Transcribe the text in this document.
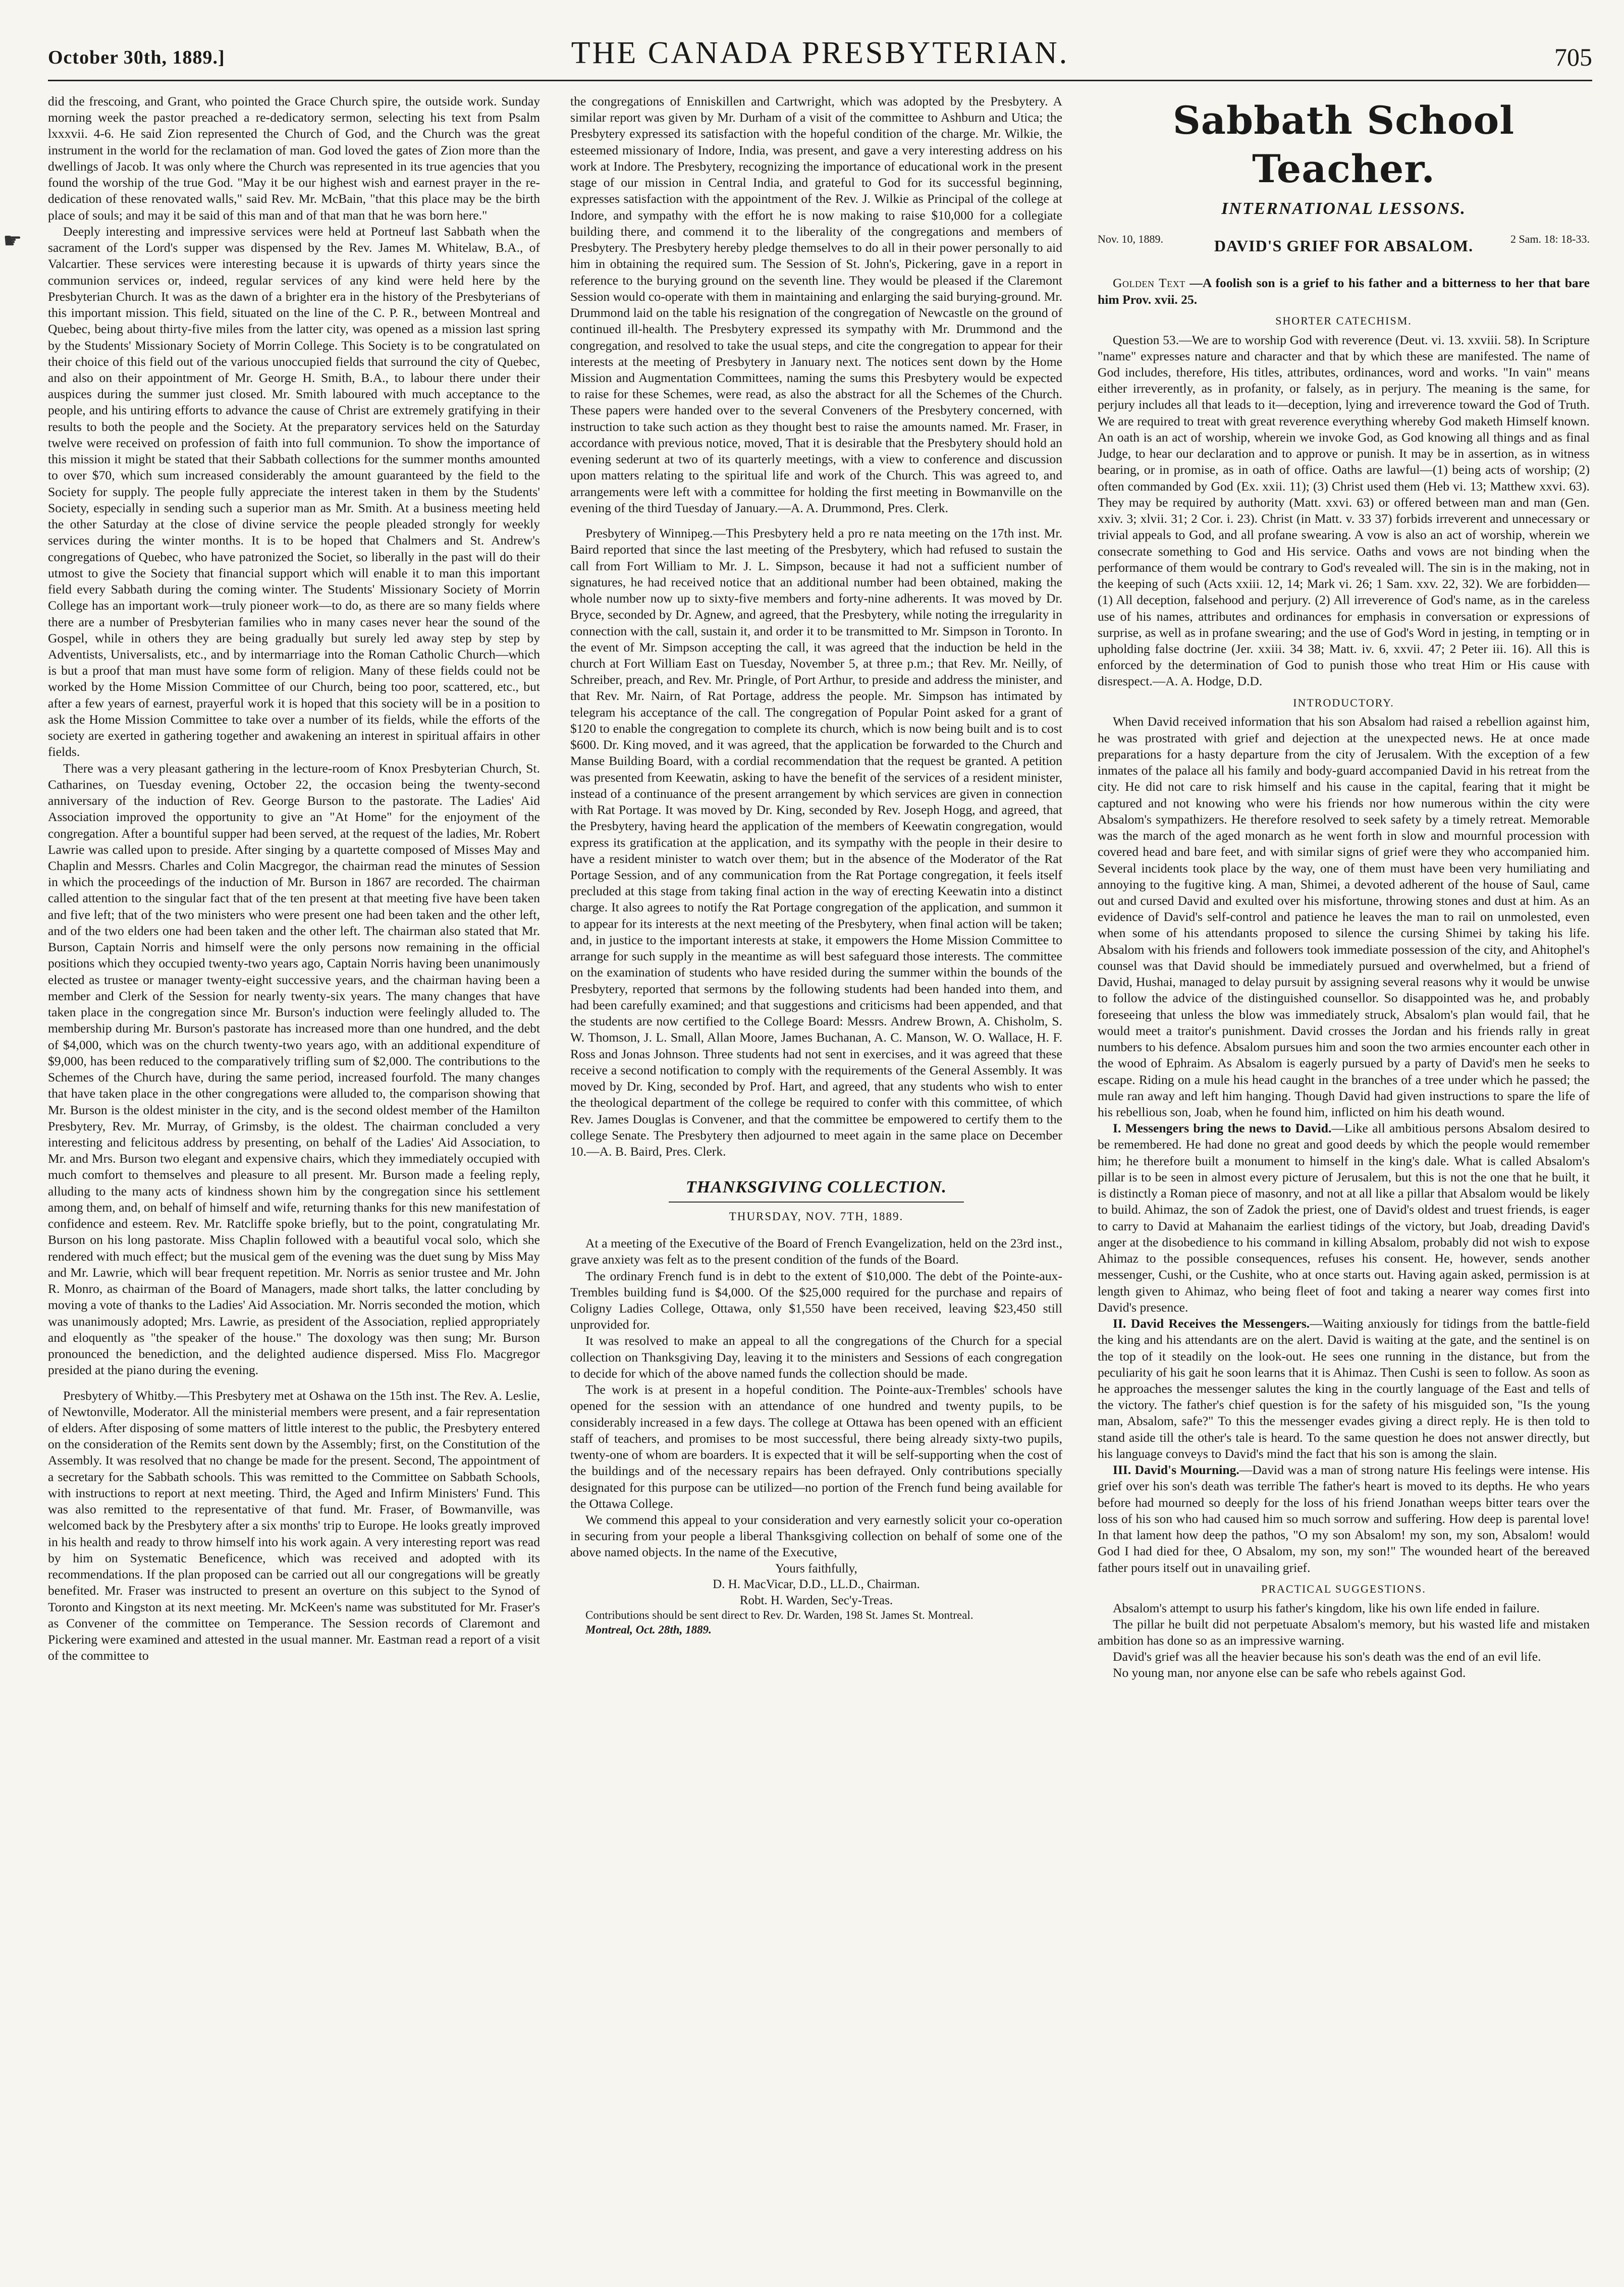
October 30th, 1889.]	THE CANADA PRESBYTERIAN.	705
☛

did the frescoing, and Grant, who pointed the Grace Church spire, the outside work. Sunday morning week the pastor preached a re-dedicatory sermon, selecting his text from Psalm lxxxvii. 4-6. He said Zion represented the Church of God, and the Church was the great instrument in the world for the reclamation of man. God loved the gates of Zion more than the dwellings of Jacob. It was only where the Church was represented in its true agencies that you found the worship of the true God. "May it be our highest wish and earnest prayer in the re-dedication of these renovated walls," said Rev. Mr. McBain, "that this place may be the birth place of souls; and may it be said of this man and of that man that he was born here."

Deeply interesting and impressive services were held at Portneuf last Sabbath when the sacrament of the Lord's supper was dispensed by the Rev. James M. Whitelaw, B.A., of Valcartier. These services were interesting because it is upwards of thirty years since the communion services or, indeed, regular services of any kind were held here by the Presbyterian Church. It was as the dawn of a brighter era in the history of the Presbyterians of this important mission. This field, situated on the line of the C. P. R., between Montreal and Quebec, being about thirty-five miles from the latter city, was opened as a mission last spring by the Students' Missionary Society of Morrin College. This Society is to be congratulated on their choice of this field out of the various unoccupied fields that surround the city of Quebec, and also on their appointment of Mr. George H. Smith, B.A., to labour there under their auspices during the summer just closed. Mr. Smith laboured with much acceptance to the people, and his untiring efforts to advance the cause of Christ are extremely gratifying in their results to both the people and the Society. At the preparatory services held on the Saturday twelve were received on profession of faith into full communion. To show the importance of this mission it might be stated that their Sabbath collections for the summer months amounted to over $70, which sum increased considerably the amount guaranteed by the field to the Society for supply. The people fully appreciate the interest taken in them by the Students' Society, especially in sending such a superior man as Mr. Smith. At a business meeting held the other Saturday at the close of divine service the people pleaded strongly for weekly services during the winter months. It is to be hoped that Chalmers and St. Andrew's congregations of Quebec, who have patronized the Societ, so liberally in the past will do their utmost to give the Society that financial support which will enable it to man this important field every Sabbath during the coming winter. The Students' Missionary Society of Morrin College has an important work—truly pioneer work—to do, as there are so many fields where there are a number of Presbyterian families who in many cases never hear the sound of the Gospel, while in others they are being gradually but surely led away step by step by Adventists, Universalists, etc., and by intermarriage into the Roman Catholic Church—which is but a proof that man must have some form of religion. Many of these fields could not be worked by the Home Mission Committee of our Church, being too poor, scattered, etc., but after a few years of earnest, prayerful work it is hoped that this society will be in a position to ask the Home Mission Committee to take over a number of its fields, while the efforts of the society are exerted in gathering together and awakening an interest in spiritual affairs in other fields.

There was a very pleasant gathering in the lecture-room of Knox Presbyterian Church, St. Catharines, on Tuesday evening, October 22, the occasion being the twenty-second anniversary of the induction of Rev. George Burson to the pastorate. The Ladies' Aid Association improved the opportunity to give an "At Home" for the enjoyment of the congregation. After a bountiful supper had been served, at the request of the ladies, Mr. Robert Lawrie was called upon to preside. After singing by a quartette composed of Misses May and Chaplin and Messrs. Charles and Colin Macgregor, the chairman read the minutes of Session in which the proceedings of the induction of Mr. Burson in 1867 are recorded. The chairman called attention to the singular fact that of the ten present at that meeting five have been taken and five left; that of the two ministers who were present one had been taken and the other left, and of the two elders one had been taken and the other left. The chairman also stated that Mr. Burson, Captain Norris and himself were the only persons now remaining in the official positions which they occupied twenty-two years ago, Captain Norris having been unanimously elected as trustee or manager twenty-eight successive years, and the chairman having been a member and Clerk of the Session for nearly twenty-six years. The many changes that have taken place in the congregation since Mr. Burson's induction were feelingly alluded to. The membership during Mr. Burson's pastorate has increased more than one hundred, and the debt of $4,000, which was on the church twenty-two years ago, with an additional expenditure of $9,000, has been reduced to the comparatively trifling sum of $2,000. The contributions to the Schemes of the Church have, during the same period, increased fourfold. The many changes that have taken place in the other congregations were alluded to, the comparison showing that Mr. Burson is the oldest minister in the city, and is the second oldest member of the Hamilton Presbytery, Rev. Mr. Murray, of Grimsby, is the oldest. The chairman concluded a very interesting and felicitous address by presenting, on behalf of the Ladies' Aid Association, to Mr. and Mrs. Burson two elegant and expensive chairs, which they immediately occupied with much comfort to themselves and pleasure to all present. Mr. Burson made a feeling reply, alluding to the many acts of kindness shown him by the congregation since his settlement among them, and, on behalf of himself and wife, returning thanks for this new manifestation of confidence and esteem. Rev. Mr. Ratcliffe spoke briefly, but to the point, congratulating Mr. Burson on his long pastorate. Miss Chaplin followed with a beautiful vocal solo, which she rendered with much effect; but the musical gem of the evening was the duet sung by Miss May and Mr. Lawrie, which will bear frequent repetition. Mr. Norris as senior trustee and Mr. John R. Monro, as chairman of the Board of Managers, made short talks, the latter concluding by moving a vote of thanks to the Ladies' Aid Association. Mr. Norris seconded the motion, which was unanimously adopted; Mrs. Lawrie, as president of the Association, replied appropriately and eloquently as "the speaker of the house." The doxology was then sung; Mr. Burson pronounced the benediction, and the delighted audience dispersed. Miss Flo. Macgregor presided at the piano during the evening.

Presbytery of Whitby.—This Presbytery met at Oshawa on the 15th inst. The Rev. A. Leslie, of Newtonville, Moderator. All the ministerial members were present, and a fair representation of elders. After disposing of some matters of little interest to the public, the Presbytery entered on the consideration of the Remits sent down by the Assembly; first, on the Constitution of the Assembly. It was resolved that no change be made for the present. Second, The appointment of a secretary for the Sabbath schools. This was remitted to the Committee on Sabbath Schools, with instructions to report at next meeting. Third, the Aged and Infirm Ministers' Fund. This was also remitted to the representative of that fund. Mr. Fraser, of Bowmanville, was welcomed back by the Presbytery after a six months' trip to Europe. He looks greatly improved in his health and ready to throw himself into his work again. A very interesting report was read by him on Systematic Beneficence, which was received and adopted with its recommendations. If the plan proposed can be carried out all our congregations will be greatly benefited. Mr. Fraser was instructed to present an overture on this subject to the Synod of Toronto and Kingston at its next meeting. Mr. McKeen's name was substituted for Mr. Fraser's as Convener of the committee on Temperance. The Session records of Claremont and Pickering were examined and attested in the usual manner. Mr. Eastman read a report of a visit of the committee to

the congregations of Enniskillen and Cartwright, which was adopted by the Presbytery. A similar report was given by Mr. Durham of a visit of the committee to Ashburn and Utica; the Presbytery expressed its satisfaction with the hopeful condition of the charge. Mr. Wilkie, the esteemed missionary of Indore, India, was present, and gave a very interesting address on his work at Indore. The Presbytery, recognizing the importance of educational work in the present stage of our mission in Central India, and grateful to God for its successful beginning, expresses satisfaction with the appointment of the Rev. J. Wilkie as Principal of the college at Indore, and sympathy with the effort he is now making to raise $10,000 for a collegiate building there, and commend it to the liberality of the congregations and members of Presbytery. The Presbytery hereby pledge themselves to do all in their power personally to aid him in obtaining the required sum. The Session of St. John's, Pickering, gave in a report in reference to the burying ground on the seventh line. They would be pleased if the Claremont Session would co-operate with them in maintaining and enlarging the said burying-ground. Mr. Drummond laid on the table his resignation of the congregation of Newcastle on the ground of continued ill-health. The Presbytery expressed its sympathy with Mr. Drummond and the congregation, and resolved to take the usual steps, and cite the congregation to appear for their interests at the meeting of Presbytery in January next. The notices sent down by the Home Mission and Augmentation Committees, naming the sums this Presbytery would be expected to raise for these Schemes, were read, as also the abstract for all the Schemes of the Church. These papers were handed over to the several Conveners of the Presbytery concerned, with instruction to take such action as they thought best to raise the amounts named. Mr. Fraser, in accordance with previous notice, moved, That it is desirable that the Presbytery should hold an evening sederunt at two of its quarterly meetings, with a view to conference and discussion upon matters relating to the spiritual life and work of the Church. This was agreed to, and arrangements were left with a committee for holding the first meeting in Bowmanville on the evening of the third Tuesday of January.—A. A. Drummond, Pres. Clerk.

Presbytery of Winnipeg.—This Presbytery held a pro re nata meeting on the 17th inst. Mr. Baird reported that since the last meeting of the Presbytery, which had refused to sustain the call from Fort William to Mr. J. L. Simpson, because it had not a sufficient number of signatures, he had received notice that an additional number had been obtained, making the whole number now up to sixty-five members and forty-nine adherents. It was moved by Dr. Bryce, seconded by Dr. Agnew, and agreed, that the Presbytery, while noting the irregularity in connection with the call, sustain it, and order it to be transmitted to Mr. Simpson in Toronto. In the event of Mr. Simpson accepting the call, it was agreed that the induction be held in the church at Fort William East on Tuesday, November 5, at three p.m.; that Rev. Mr. Neilly, of Schreiber, preach, and Rev. Mr. Pringle, of Port Arthur, to preside and address the minister, and that Rev. Mr. Nairn, of Rat Portage, address the people. Mr. Simpson has intimated by telegram his acceptance of the call. The congregation of Popular Point asked for a grant of $120 to enable the congregation to complete its church, which is now being built and is to cost $600. Dr. King moved, and it was agreed, that the application be forwarded to the Church and Manse Building Board, with a cordial recommendation that the request be granted. A petition was presented from Keewatin, asking to have the benefit of the services of a resident minister, instead of a continuance of the present arrangement by which services are given in connection with Rat Portage. It was moved by Dr. King, seconded by Rev. Joseph Hogg, and agreed, that the Presbytery, having heard the application of the members of Keewatin congregation, would express its gratification at the application, and its sympathy with the people in their desire to have a resident minister to watch over them; but in the absence of the Moderator of the Rat Portage Session, and of any communication from the Rat Portage congregation, it feels itself precluded at this stage from taking final action in the way of erecting Keewatin into a distinct charge. It also agrees to notify the Rat Portage congregation of the application, and summon it to appear for its interests at the next meeting of the Presbytery, when final action will be taken; and, in justice to the important interests at stake, it empowers the Home Mission Committee to arrange for such supply in the meantime as will best safeguard those interests. The committee on the examination of students who have resided during the summer within the bounds of the Presbytery, reported that sermons by the following students had been handed into them, and had been carefully examined; and that suggestions and criticisms had been appended, and that the students are now certified to the College Board: Messrs. Andrew Brown, A. Chisholm, S. W. Thomson, J. L. Small, Allan Moore, James Buchanan, A. C. Manson, W. O. Wallace, H. F. Ross and Jonas Johnson. Three students had not sent in exercises, and it was agreed that these receive a second notification to comply with the requirements of the General Assembly. It was moved by Dr. King, seconded by Prof. Hart, and agreed, that any students who wish to enter the theological department of the college be required to confer with this committee, of which Rev. James Douglas is Convener, and that the committee be empowered to certify them to the college Senate. The Presbytery then adjourned to meet again in the same place on December 10.—A. B. Baird, Pres. Clerk.

THANKSGIVING COLLECTION.
THURSDAY, NOV. 7TH, 1889.

At a meeting of the Executive of the Board of French Evangelization, held on the 23rd inst., grave anxiety was felt as to the present condition of the funds of the Board.

The ordinary French fund is in debt to the extent of $10,000. The debt of the Pointe-aux-Trembles building fund is $4,000. Of the $25,000 required for the purchase and repairs of Coligny Ladies College, Ottawa, only $1,550 have been received, leaving $23,450 still unprovided for.

It was resolved to make an appeal to all the congregations of the Church for a special collection on Thanksgiving Day, leaving it to the ministers and Sessions of each congregation to decide for which of the above named funds the collection should be made.

The work is at present in a hopeful condition. The Pointe-aux-Trembles' schools have opened for the session with an attendance of one hundred and twenty pupils, to be considerably increased in a few days. The college at Ottawa has been opened with an efficient staff of teachers, and promises to be most successful, there being already sixty-two pupils, twenty-one of whom are boarders. It is expected that it will be self-supporting when the cost of the buildings and of the necessary repairs has been defrayed. Only contributions specially designated for this purpose can be utilized—no portion of the French fund being available for the Ottawa College.

We commend this appeal to your consideration and very earnestly solicit your co-operation in securing from your people a liberal Thanksgiving collection on behalf of some one of the above named objects. In the name of the Executive,

Yours faithfully,
D. H. MacVicar, D.D., LL.D., Chairman.
Robt. H. Warden, Sec'y-Treas.

Contributions should be sent direct to Rev. Dr. Warden, 198 St. James St. Montreal.

Montreal, Oct. 28th, 1889.

Sabbath School Teacher.
INTERNATIONAL LESSONS.
Nov. 10, 1889.	DAVID'S GRIEF FOR ABSALOM.	2 Sam. 18: 18-33.

Golden Text —A foolish son is a grief to his father and a bitterness to her that bare him Prov. xvii. 25.

SHORTER CATECHISM.

Question 53.—We are to worship God with reverence (Deut. vi. 13. xxviii. 58). In Scripture "name" expresses nature and character and that by which these are manifested. The name of God includes, therefore, His titles, attributes, ordinances, word and works. "In vain" means either irreverently, as in profanity, or falsely, as in perjury. The meaning is the same, for perjury includes all that leads to it—deception, lying and irreverence toward the God of Truth. We are required to treat with great reverence everything whereby God maketh Himself known. An oath is an act of worship, wherein we invoke God, as God knowing all things and as final Judge, to hear our declaration and to approve or punish. It may be in assertion, as in witness bearing, or in promise, as in oath of office. Oaths are lawful—(1) being acts of worship; (2) often commanded by God (Ex. xxii. 11); (3) Christ used them (Heb vi. 13; Matthew xxvi. 63). They may be required by authority (Matt. xxvi. 63) or offered between man and man (Gen. xxiv. 3; xlvii. 31; 2 Cor. i. 23). Christ (in Matt. v. 33 37) forbids irreverent and unnecessary or trivial appeals to God, and all profane swearing. A vow is also an act of worship, wherein we consecrate something to God and His service. Oaths and vows are not binding when the performance of them would be contrary to God's revealed will. The sin is in the making, not in the keeping of such (Acts xxiii. 12, 14; Mark vi. 26; 1 Sam. xxv. 22, 32). We are forbidden—(1) All deception, falsehood and perjury. (2) All irreverence of God's name, as in the careless use of his names, attributes and ordinances for emphasis in conversation or expressions of surprise, as well as in profane swearing; and the use of God's Word in jesting, in tempting or in upholding false doctrine (Jer. xxiii. 34 38; Matt. iv. 6, xxvii. 47; 2 Peter iii. 16). All this is enforced by the determination of God to punish those who treat Him or His cause with disrespect.—A. A. Hodge, D.D.

INTRODUCTORY.

When David received information that his son Absalom had raised a rebellion against him, he was prostrated with grief and dejection at the unexpected news. He at once made preparations for a hasty departure from the city of Jerusalem. With the exception of a few inmates of the palace all his family and body-guard accompanied David in his retreat from the city. He did not care to risk himself and his cause in the capital, fearing that it might be captured and not knowing who were his friends nor how numerous within the city were Absalom's sympathizers. He therefore resolved to seek safety by a timely retreat. Memorable was the march of the aged monarch as he went forth in slow and mournful procession with covered head and bare feet, and with similar signs of grief were they who accompanied him. Several incidents took place by the way, one of them must have been very humiliating and annoying to the fugitive king. A man, Shimei, a devoted adherent of the house of Saul, came out and cursed David and exulted over his misfortune, throwing stones and dust at him. As an evidence of David's self-control and patience he leaves the man to rail on unmolested, even when some of his attendants proposed to silence the cursing Shimei by taking his life. Absalom with his friends and followers took immediate possession of the city, and Ahitophel's counsel was that David should be immediately pursued and overwhelmed, but a friend of David, Hushai, managed to delay pursuit by assigning several reasons why it would be unwise to follow the advice of the distinguished counsellor. So disappointed was he, and probably foreseeing that unless the blow was immediately struck, Absalom's plan would fail, that he would meet a traitor's punishment. David crosses the Jordan and his friends rally in great numbers to his defence. Absalom pursues him and soon the two armies encounter each other in the wood of Ephraim. As Absalom is eagerly pursued by a party of David's men he seeks to escape. Riding on a mule his head caught in the branches of a tree under which he passed; the mule ran away and left him hanging. Though David had given instructions to spare the life of his rebellious son, Joab, when he found him, inflicted on him his death wound.

I. Messengers bring the news to David.—Like all ambitious persons Absalom desired to be remembered. He had done no great and good deeds by which the people would remember him; he therefore built a monument to himself in the king's dale. What is called Absalom's pillar is to be seen in almost every picture of Jerusalem, but this is not the one that he built, it is distinctly a Roman piece of masonry, and not at all like a pillar that Absalom would be likely to build. Ahimaz, the son of Zadok the priest, one of David's oldest and truest friends, is eager to carry to David at Mahanaim the earliest tidings of the victory, but Joab, dreading David's anger at the disobedience to his command in killing Absalom, probably did not wish to expose Ahimaz to the possible consequences, refuses his consent. He, however, sends another messenger, Cushi, or the Cushite, who at once starts out. Having again asked, permission is at length given to Ahimaz, who being fleet of foot and taking a nearer way comes first into David's presence.

II. David Receives the Messengers.—Waiting anxiously for tidings from the battle-field the king and his attendants are on the alert. David is waiting at the gate, and the sentinel is on the top of it steadily on the look-out. He sees one running in the distance, but from the peculiarity of his gait he soon learns that it is Ahimaz. Then Cushi is seen to follow. As soon as he approaches the messenger salutes the king in the courtly language of the East and tells of the victory. The father's chief question is for the safety of his misguided son, "Is the young man, Absalom, safe?" To this the messenger evades giving a direct reply. He is then told to stand aside till the other's tale is heard. To the same question he does not answer directly, but his language conveys to David's mind the fact that his son is among the slain.

III. David's Mourning.—David was a man of strong nature His feelings were intense. His grief over his son's death was terrible The father's heart is moved to its depths. He who years before had mourned so deeply for the loss of his friend Jonathan weeps bitter tears over the loss of his son who had caused him so much sorrow and suffering. How deep is parental love! In that lament how deep the pathos, "O my son Absalom! my son, my son, Absalom! would God I had died for thee, O Absalom, my son, my son!" The wounded heart of the bereaved father pours itself out in unavailing grief.

PRACTICAL SUGGESTIONS.

Absalom's attempt to usurp his father's kingdom, like his own life ended in failure.

The pillar he built did not perpetuate Absalom's memory, but his wasted life and mistaken ambition has done so as an impressive warning.

David's grief was all the heavier because his son's death was the end of an evil life.

No young man, nor anyone else can be safe who rebels against God.
